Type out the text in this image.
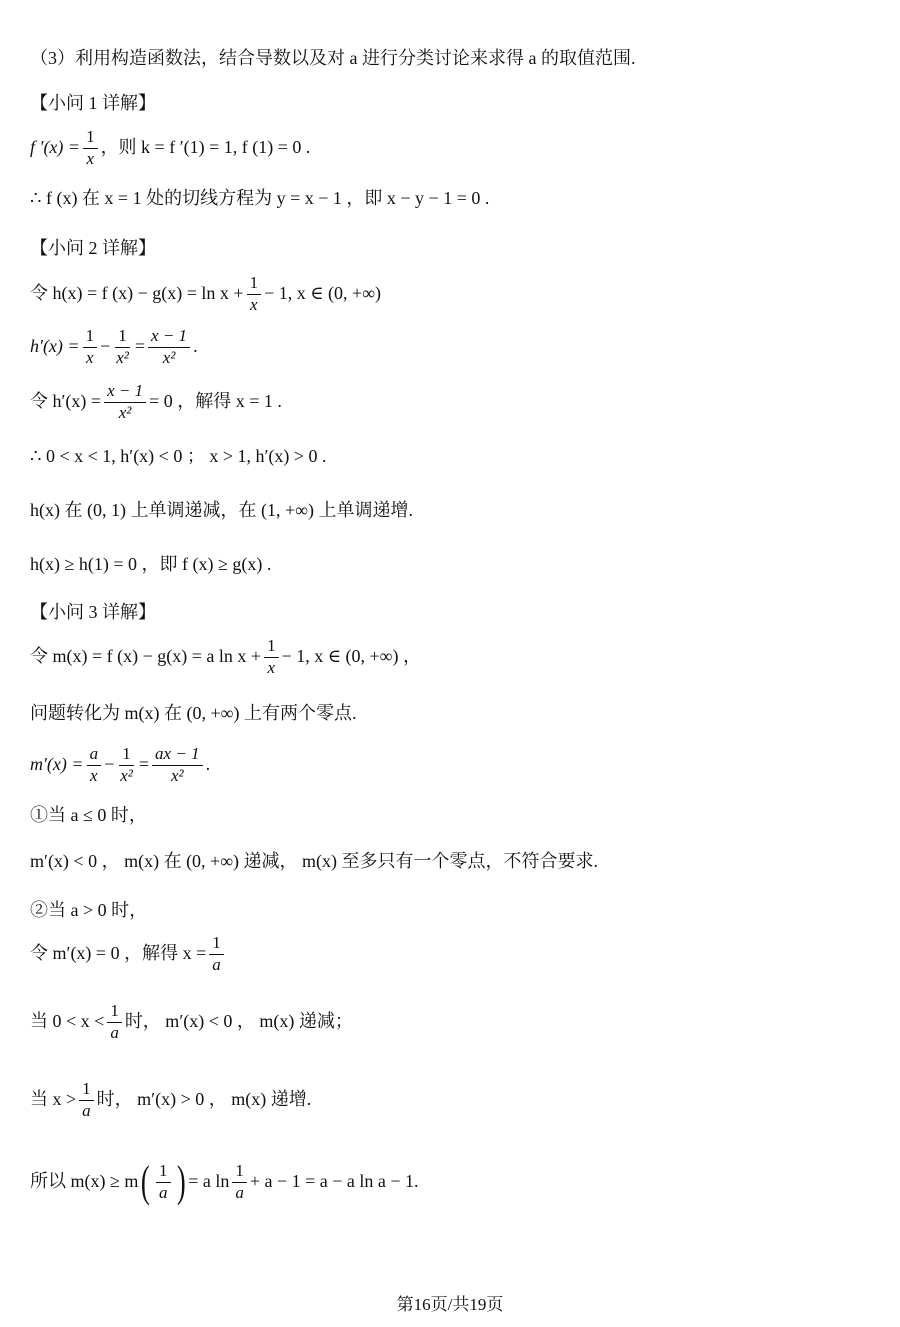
（3）利用构造函数法，结合导数以及对 a 进行分类讨论来求得 a 的取值范围.
【小问 1 详解】
f $'(x) = \frac{1}{x}$ ，则 k = f ′(1) = 1, f (1) = 0 .
∴ f (x) 在 x = 1 处的切线方程为 y = x − 1 ，即 x − y − 1 = 0 .
【小问 2 详解】
令 h(x) = f $(x) - g(x) = \ln x + \frac{1}{x} - 1$, x ∈ (0, +∞)
$h'(x) = \frac{1}{x} - \frac{1}{\text{x²}} = \frac{x - 1}{\text{x²}}$ .
令 $h'(x) = \frac{x - 1}{\text{x²}} = 0$ ，解得 x = 1 .
∴ 0 < x < 1, h′(x) < 0 ； x > 1, h′(x) > 0 .
h(x) 在 (0, 1) 上单调递减，在 (1, +∞) 上单调递增.
h(x) ≥ h(1) = 0 ，即 f (x) ≥ g(x) .
【小问 3 详解】
令 m(x) = f (x) − g(x) = a $\ln x + \frac{1}{x} - 1$, x ∈ (0, +∞) ，
问题转化为 m(x) 在 (0, +∞) 上有两个零点.
$m'(x) = \frac{a}{x} - \frac{1}{\text{x²}} = \frac{ax - 1}{\text{x²}}$ .
①当 a ≤ 0 时，
m′(x) < 0 ， m(x) 在 (0, +∞) 递减， m(x) 至多只有一个零点，不符合要求.
②当 a > 0 时，
令 m′(x) = 0 ，解得 $x = \frac{1}{a}$
当 $0 < x < \frac{1}{a}$ 时， m′(x) < 0 ， m(x) 递减；
当 $x > \frac{1}{a}$ 时， m′(x) > 0 ， m(x) 递增.
所以 m(x) ≥ m ( $\frac{1}{a}$ ) = a $\ln \frac{1}{a} + a - 1 = a - a$ ln a − 1.
第16页/共19页
